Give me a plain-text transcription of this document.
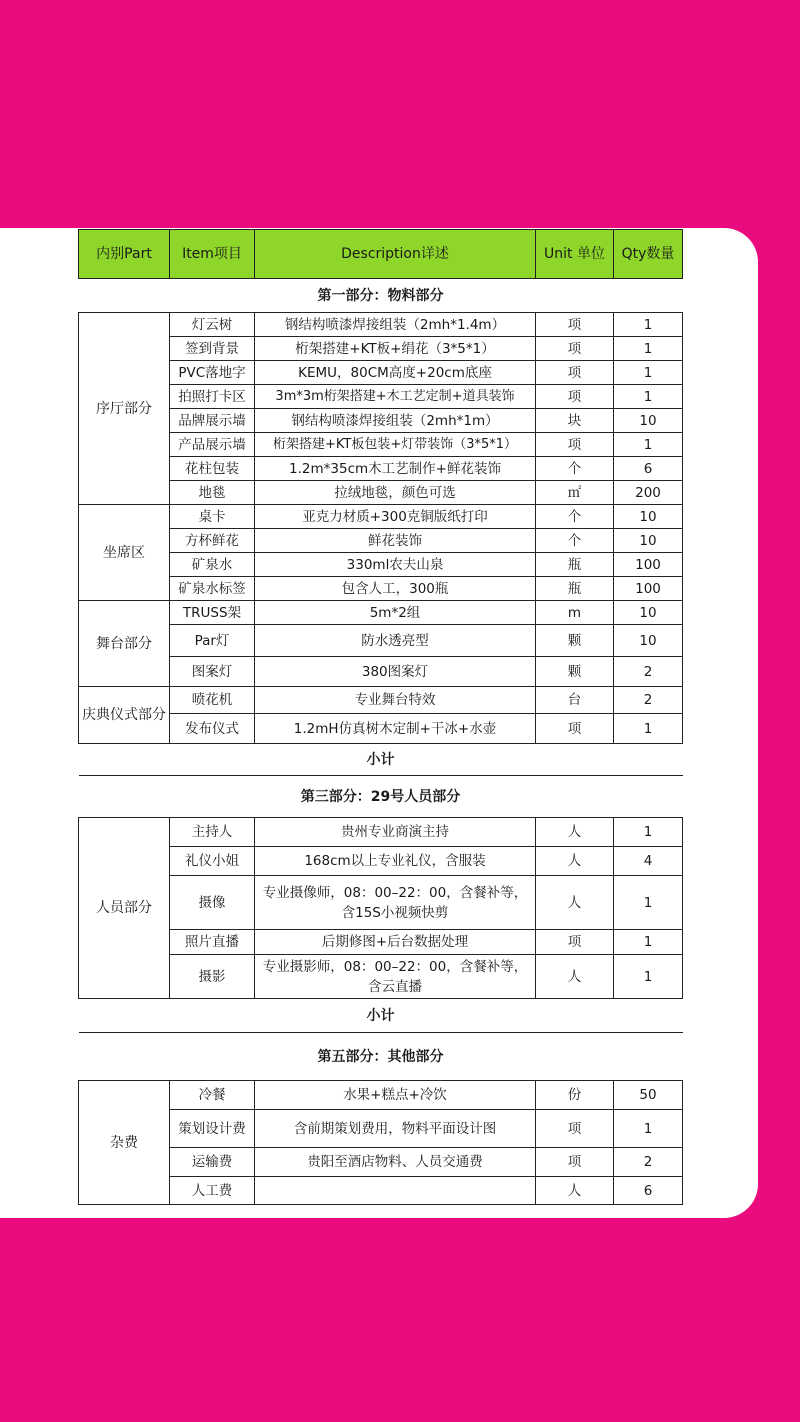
内别Part	Item项目	Description详述	Unit 单位	Qty数量
第一部分：物料部分				
序厅部分	灯云树	钢结构喷漆焊接组装（2mh*1.4m）	项	1
	签到背景	桁架搭建+KT板+绢花（3*5*1）	项	1
	PVC落地字	KEMU，80CM高度+20cm底座	项	1
	拍照打卡区	3m*3m桁架搭建+木工艺定制+道具装饰	项	1
	品牌展示墙	钢结构喷漆焊接组装（2mh*1m）	块	10
	产品展示墙	桁架搭建+KT板包装+灯带装饰（3*5*1）	项	1
	花柱包装	1.2m*35cm木工艺制作+鲜花装饰	个	6
	地毯	拉绒地毯，颜色可选	㎡	200
坐席区	桌卡	亚克力材质+300克铜版纸打印	个	10
	方杯鲜花	鲜花装饰	个	10
	矿泉水	330ml农夫山泉	瓶	100
	矿泉水标签	包含人工，300瓶	瓶	100
舞台部分	TRUSS架	5m*2组	m	10
	Par灯	防水透亮型	颗	10
	图案灯	380图案灯	颗	2
庆典仪式部分	喷花机	专业舞台特效	台	2
	发布仪式	1.2mH仿真树木定制+干冰+水壶	项	1
小计				
第三部分：29号人员部分				
人员部分	主持人	贵州专业商演主持	人	1
	礼仪小姐	168cm以上专业礼仪，含服装	人	4
	摄像	专业摄像师，08：00–22：00，含餐补等，含15S小视频快剪	人	1
	照片直播	后期修图+后台数据处理	项	1
	摄影	专业摄影师，08：00–22：00，含餐补等，含云直播	人	1
小计				
第五部分：其他部分				
杂费	冷餐	水果+糕点+冷饮	份	50
	策划设计费	含前期策划费用，物料平面设计图	项	1
	运输费	贵阳至酒店物料、人员交通费	项	2
	人工费		人	6
